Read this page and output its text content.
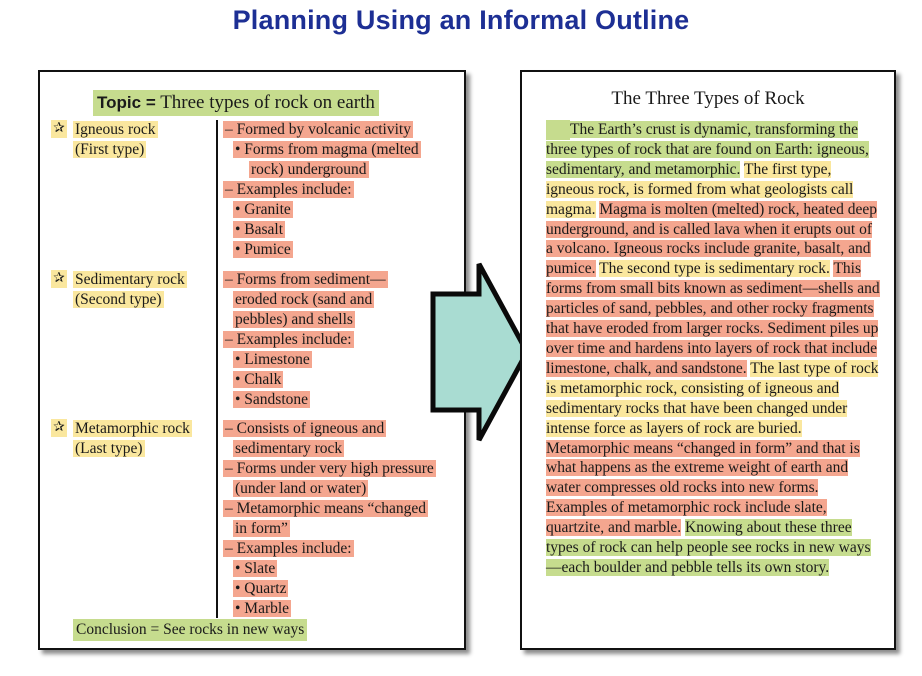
Planning Using an Informal Outline
Topic = Three types of rock on earth
✰ Igneous rock
(First type)
– Formed by volcanic activity
• Forms from magma (melted
rock) underground
– Examples include:
• Granite
• Basalt
• Pumice
✰ Sedimentary rock
(Second type)
– Forms from sediment—
eroded rock (sand and
pebbles) and shells
– Examples include:
• Limestone
• Chalk
• Sandstone
✰ Metamorphic rock
(Last type)
– Consists of igneous and
sedimentary rock
– Forms under very high pressure
(under land or water)
– Metamorphic means “changed
in form”
– Examples include:
• Slate
• Quartz
• Marble
Conclusion = See rocks in new ways
The Three Types of Rock
The Earth’s crust is dynamic, transforming the three types of rock that are found on Earth: igneous, sedimentary, and metamorphic. The first type, igneous rock, is formed from what geologists call magma. Magma is molten (melted) rock, heated deep underground, and is called lava when it erupts out of a volcano. Igneous rocks include granite, basalt, and pumice. The second type is sedimentary rock. This forms from small bits known as sediment—shells and particles of sand, pebbles, and other rocky fragments that have eroded from larger rocks. Sediment piles up over time and hardens into layers of rock that include limestone, chalk, and sandstone. The last type of rock is metamorphic rock, consisting of igneous and sedimentary rocks that have been changed under intense force as layers of rock are buried. Metamorphic means “changed in form” and that is what happens as the extreme weight of earth and water compresses old rocks into new forms. Examples of metamorphic rock include slate, quartzite, and marble. Knowing about these three types of rock can help people see rocks in new ways—each boulder and pebble tells its own story.
